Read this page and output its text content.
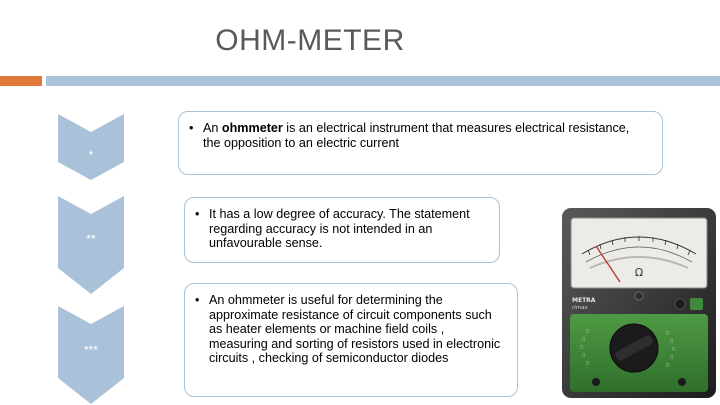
OHM-METER
*
**
***
• An ohmmeter is an electrical instrument that measures electrical resistance, the opposition to an electric current
• It has a low degree of accuracy. The statement regarding accuracy is not intended in an unfavourable sense.
• An ohmmeter is useful for determining the approximate resistance of circuit components such as heater elements or machine field coils , measuring and sorting of resistors used in electronic circuits , checking of semiconductor diodes
Ω
METRA
rimax
□
□
□
□
□
□
□
□
□
□
